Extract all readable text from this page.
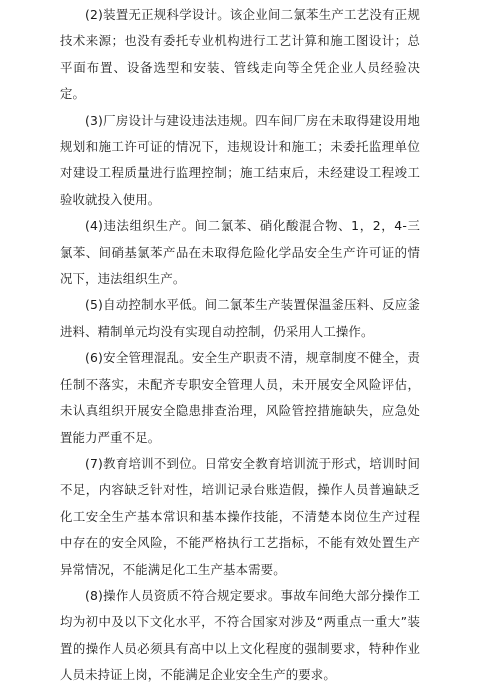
(2)装置无正规科学设计。该企业间二氯苯生产工艺没有正规技术来源；也没有委托专业机构进行工艺计算和施工图设计；总平面布置、设备选型和安装、管线走向等全凭企业人员经验决定。

(3)厂房设计与建设违法违规。四车间厂房在未取得建设用地规划和施工许可证的情况下，违规设计和施工；未委托监理单位对建设工程质量进行监理控制；施工结束后，未经建设工程竣工验收就投入使用。

(4)违法组织生产。间二氯苯、硝化酸混合物、1，2，4-三氯苯、间硝基氯苯产品在未取得危险化学品安全生产许可证的情况下，违法组织生产。

(5)自动控制水平低。间二氯苯生产装置保温釜压料、反应釜进料、精制单元均没有实现自动控制，仍采用人工操作。

(6)安全管理混乱。安全生产职责不清，规章制度不健全，责任制不落实，未配齐专职安全管理人员，未开展安全风险评估，未认真组织开展安全隐患排查治理，风险管控措施缺失，应急处置能力严重不足。

(7)教育培训不到位。日常安全教育培训流于形式，培训时间不足，内容缺乏针对性，培训记录台账造假，操作人员普遍缺乏化工安全生产基本常识和基本操作技能，不清楚本岗位生产过程中存在的安全风险，不能严格执行工艺指标，不能有效处置生产异常情况，不能满足化工生产基本需要。

(8)操作人员资质不符合规定要求。事故车间绝大部分操作工均为初中及以下文化水平，不符合国家对涉及“两重点一重大”装置的操作人员必须具有高中以上文化程度的强制要求，特种作业人员未持证上岗，不能满足企业安全生产的要求。
